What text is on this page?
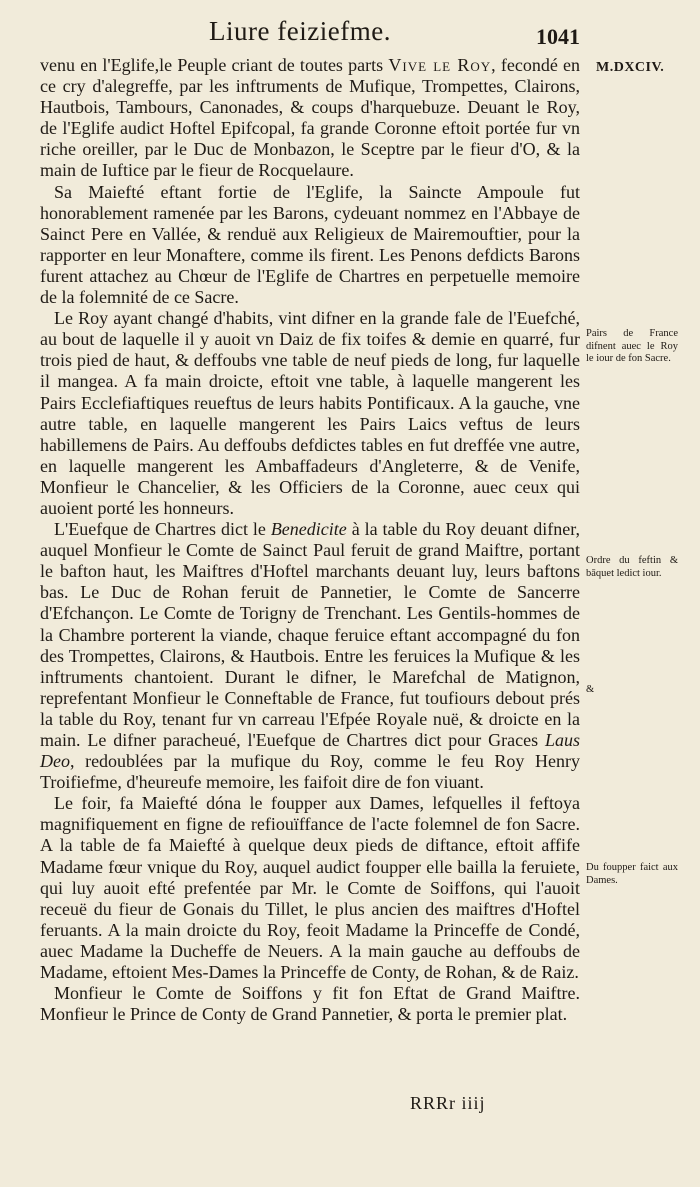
Liure feiziefme.	1041
M.DXCIV.

venu en l'Eglife,le Peuple criant de toutes parts Vive le Roy, fecondé en ce cry d'alegreffe, par les inftruments de Mufique, Trompettes, Clairons, Hautbois, Tambours, Canonades, & coups d'harquebuze. Deuant le Roy, de l'Eglife audict Hoftel Epifcopal, fa grande Coronne eftoit portée fur vn riche oreiller, par le Duc de Monbazon, le Sceptre par le fieur d'O, & la main de Iuftice par le fieur de Rocquelaure.

Sa Maiefté eftant fortie de l'Eglife, la Saincte Ampoule fut honorablement ramenée par les Barons, cydeuant nommez en l'Abbaye de Sainct Pere en Vallée, & renduë aux Religieux de Mairemouftier, pour la rapporter en leur Monaftere, comme ils firent. Les Penons defdicts Barons furent attachez au Chœur de l'Eglife de Chartres en perpetuelle memoire de la folemnité de ce Sacre.

Le Roy ayant changé d'habits, vint difner en la grande fale de l'Euefché, au bout de laquelle il y auoit vn Daiz de fix toifes & demie en quarré, fur trois pied de haut, & deffoubs vne table de neuf pieds de long, fur laquelle il mangea. A fa main droicte, eftoit vne table, à laquelle mangerent les Pairs Ecclefiaftiques reueftus de leurs habits Pontificaux. A la gauche, vne autre table, en laquelle mangerent les Pairs Laics veftus de leurs habillemens de Pairs. Au deffoubs defdictes tables en fut dreffée vne autre, en laquelle mangerent les Ambaffadeurs d'Angleterre, & de Venife, Monfieur le Chancelier, & les Officiers de la Coronne, auec ceux qui auoient porté les honneurs.

L'Euefque de Chartres dict le Benedicite à la table du Roy deuant difner, auquel Monfieur le Comte de Sainct Paul feruit de grand Maiftre, portant le bafton haut, les Maiftres d'Hoftel marchants deuant luy, leurs baftons bas. Le Duc de Rohan feruit de Pannetier, le Comte de Sancerre d'Efchançon. Le Comte de Torigny de Trenchant. Les Gentils-hommes de la Chambre porterent la viande, chaque feruice eftant accompagné du fon des Trompettes, Clairons, & Hautbois. Entre les feruices la Mufique & les inftruments chantoient. Durant le difner, le Marefchal de Matignon, reprefentant Monfieur le Conneftable de France, fut toufiours debout prés la table du Roy, tenant fur vn carreau l'Efpée Royale nuë, & droicte en la main. Le difner paracheué, l'Euefque de Chartres dict pour Graces Laus Deo, redoublées par la mufique du Roy, comme le feu Roy Henry Troifiefme, d'heureufe memoire, les faifoit dire de fon viuant.

Le foir, fa Maiefté dóna le foupper aux Dames, lefquelles il feftoya magnifiquement en figne de refiouïffance de l'acte folemnel de fon Sacre. A la table de fa Maiefté à quelque deux pieds de diftance, eftoit affife Madame fœur vnique du Roy, auquel audict foupper elle bailla la feruiete, qui luy auoit efté prefentée par Mr. le Comte de Soiffons, qui l'auoit receuë du fieur de Gonais du Tillet, le plus ancien des maiftres d'Hoftel feruants. A la main droicte du Roy, feoit Madame la Princeffe de Condé, auec Madame la Ducheffe de Neuers. A la main gauche au deffoubs de Madame, eftoient Mes-Dames la Princeffe de Conty, de Rohan, & de Raiz.

Monfieur le Comte de Soiffons y fit fon Eftat de Grand Maiftre. Monfieur le Prince de Conty de Grand Pannetier, & porta le premier plat.

Pairs de France difnent auec le Roy le iour de fon Sacre.
Ordre du feftin & bāquet ledict iour.
&
Du foupper faict aux Dames.
RRRr iiij
